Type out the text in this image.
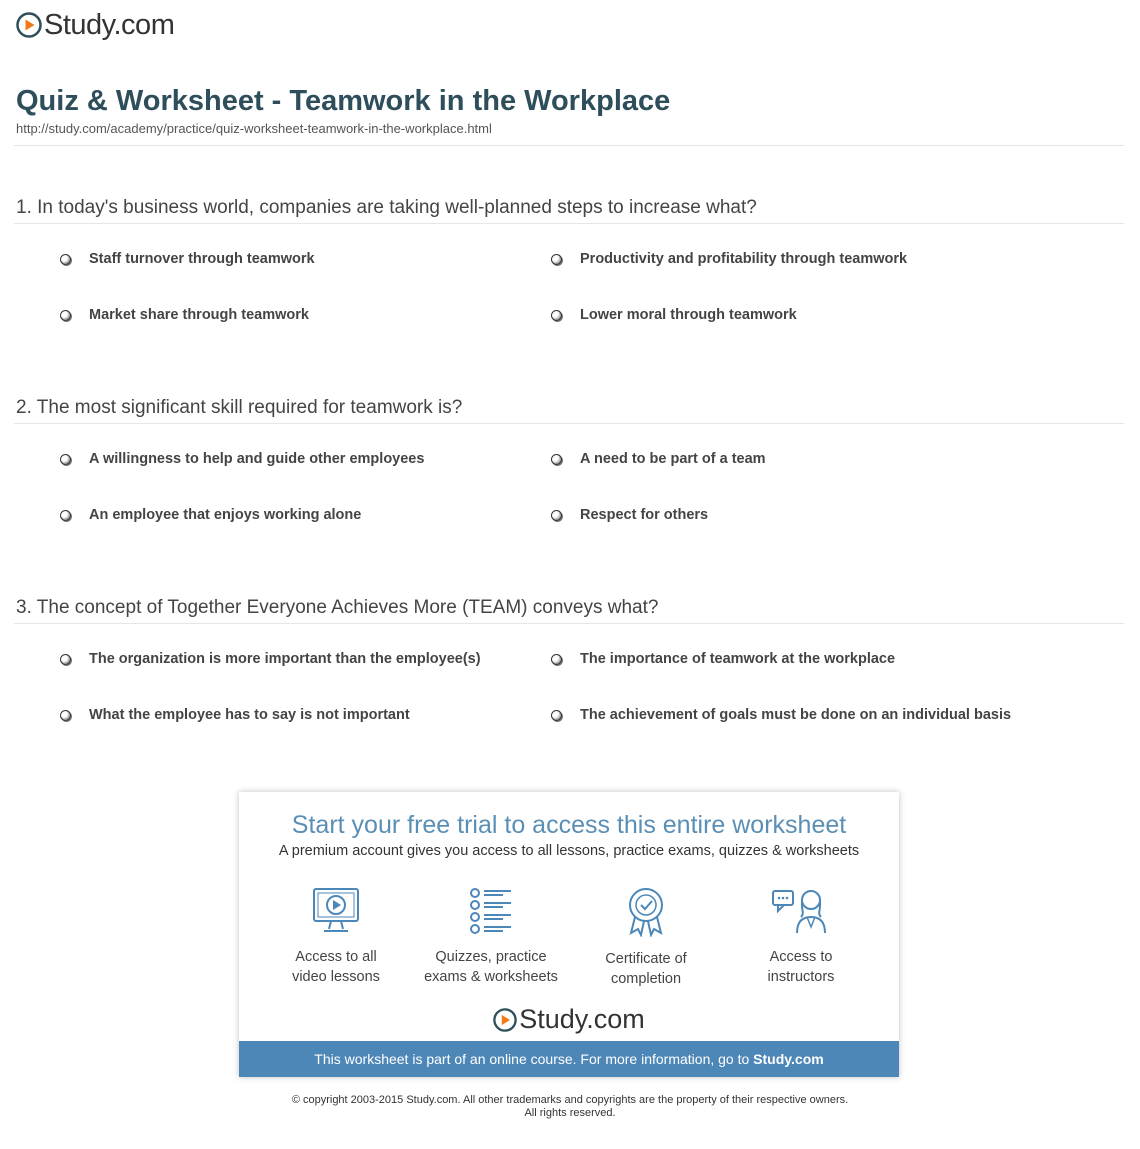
Study.com
Quiz & Worksheet - Teamwork in the Workplace
http://study.com/academy/practice/quiz-worksheet-teamwork-in-the-workplace.html
1. In today's business world, companies are taking well-planned steps to increase what?
Staff turnover through teamwork	Productivity and profitability through teamwork
Market share through teamwork	Lower moral through teamwork
2. The most significant skill required for teamwork is?
A willingness to help and guide other employees	A need to be part of a team
An employee that enjoys working alone	Respect for others
3. The concept of Together Everyone Achieves More (TEAM) conveys what?
The organization is more important than the employee(s)	The importance of teamwork at the workplace
What the employee has to say is not important	The achievement of goals must be done on an individual basis
Start your free trial to access this entire worksheet
A premium account gives you access to all lessons, practice exams, quizzes & worksheets
Access to all
video lessons
Quizzes, practice
exams & worksheets
Certificate of
completion
Access to
instructors
Study.com
This worksheet is part of an online course. For more information, go to Study.com
© copyright 2003-2015 Study.com. All other trademarks and copyrights are the property of their respective owners.
All rights reserved.
